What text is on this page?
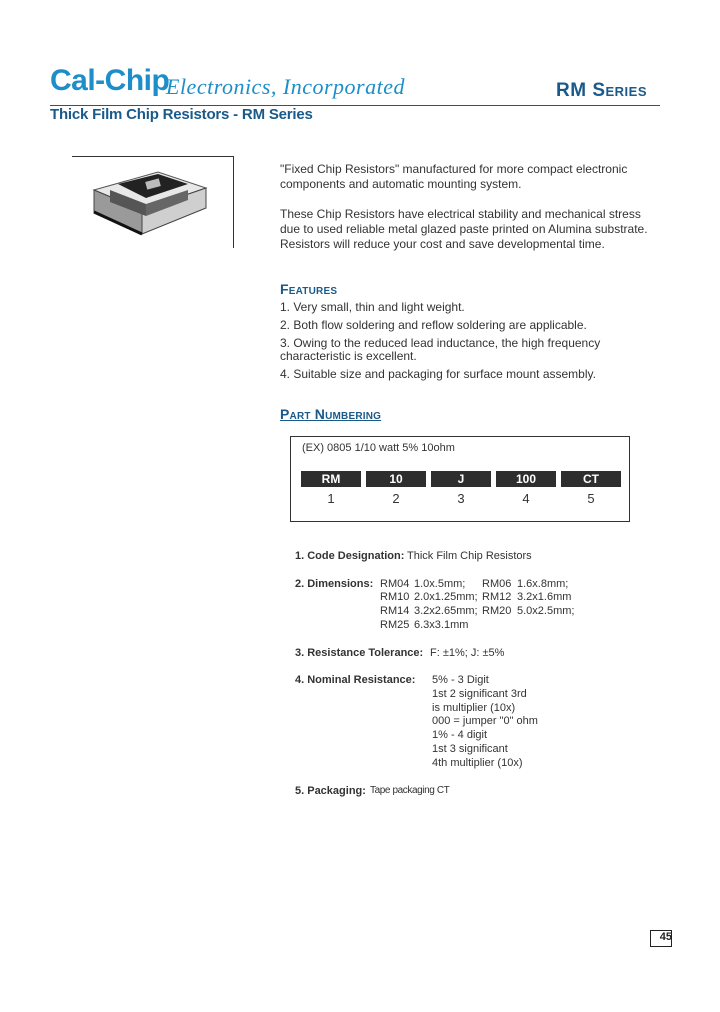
Cal-Chip
Electronics, Incorporated	RM Series
Thick Film Chip Resistors - RM Series
"Fixed Chip Resistors" manufactured for more compact electronic components and automatic mounting system.
These Chip Resistors have electrical stability and mechanical stress due to used reliable metal glazed paste printed on Alumina substrate. Resistors will reduce your cost and save developmental time.
Features
1. Very small, thin and light weight.
2. Both flow soldering and reflow soldering are applicable.
3. Owing to the reduced lead inductance, the high frequency characteristic is excellent.
4. Suitable size and packaging for surface mount assembly.
Part Numbering
(EX) 0805 1/10 watt 5% 10ohm
RM	10	J	100	CT
1	2	3	4	5
1. Code Designation: Thick Film Chip Resistors
2. Dimensions: RM04 1.0x.5mm; RM06 1.6x.8mm;
RM10 2.0x1.25mm; RM12 3.2x1.6mm
RM14 3.2x2.65mm; RM20 5.0x2.5mm;
RM25 6.3x3.1mm
3. Resistance Tolerance: F: ±1%; J: ±5%
4. Nominal Resistance: 5% - 3 Digit
1st 2 significant 3rd
is multiplier (10x)
000 = jumper "0" ohm
1% - 4 digit
1st 3 significant
4th multiplier (10x)
5. Packaging: Tape packaging CT
45
